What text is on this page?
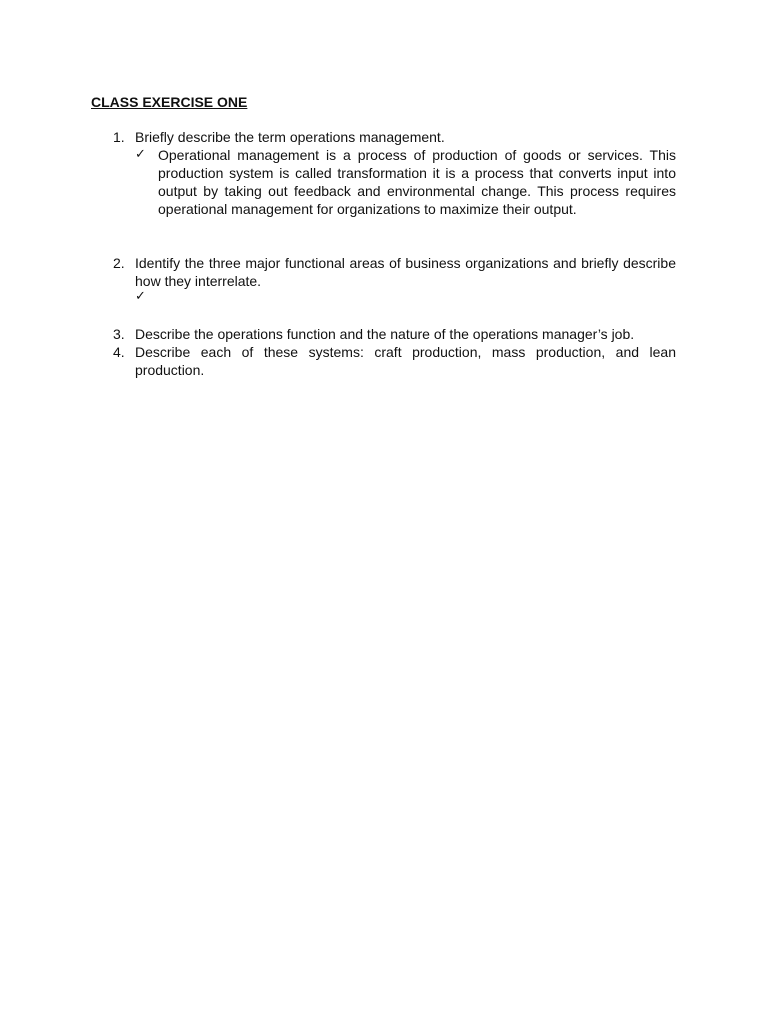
CLASS EXERCISE ONE
1. Briefly describe the term operations management.
✓ Operational management is a process of production of goods or services. This production system is called transformation it is a process that converts input into output by taking out feedback and environmental change. This process requires operational management for organizations to maximize their output.
2. Identify the three major functional areas of business organizations and briefly describe how they interrelate.
✓
3. Describe the operations function and the nature of the operations manager’s job.
4. Describe each of these systems: craft production, mass production, and lean production.
